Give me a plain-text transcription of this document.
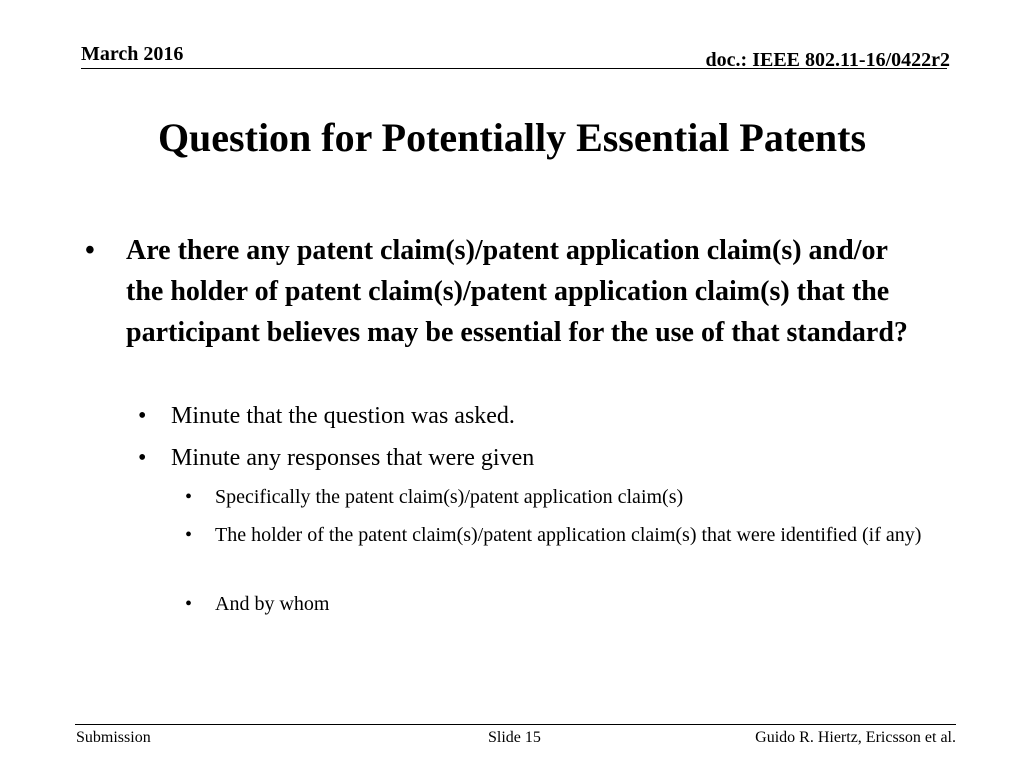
March 2016	doc.: IEEE 802.11-16/0422r2
Question for Potentially Essential Patents
• Are there any patent claim(s)/patent application claim(s) and/or the holder of patent claim(s)/patent application claim(s) that the participant believes may be essential for the use of that standard?
• Minute that the question was asked.
• Minute any responses that were given
• Specifically the patent claim(s)/patent application claim(s)
• The holder of the patent claim(s)/patent application claim(s) that were identified (if any)
• And by whom
Submission	Slide 15	Guido R. Hiertz, Ericsson et al.
